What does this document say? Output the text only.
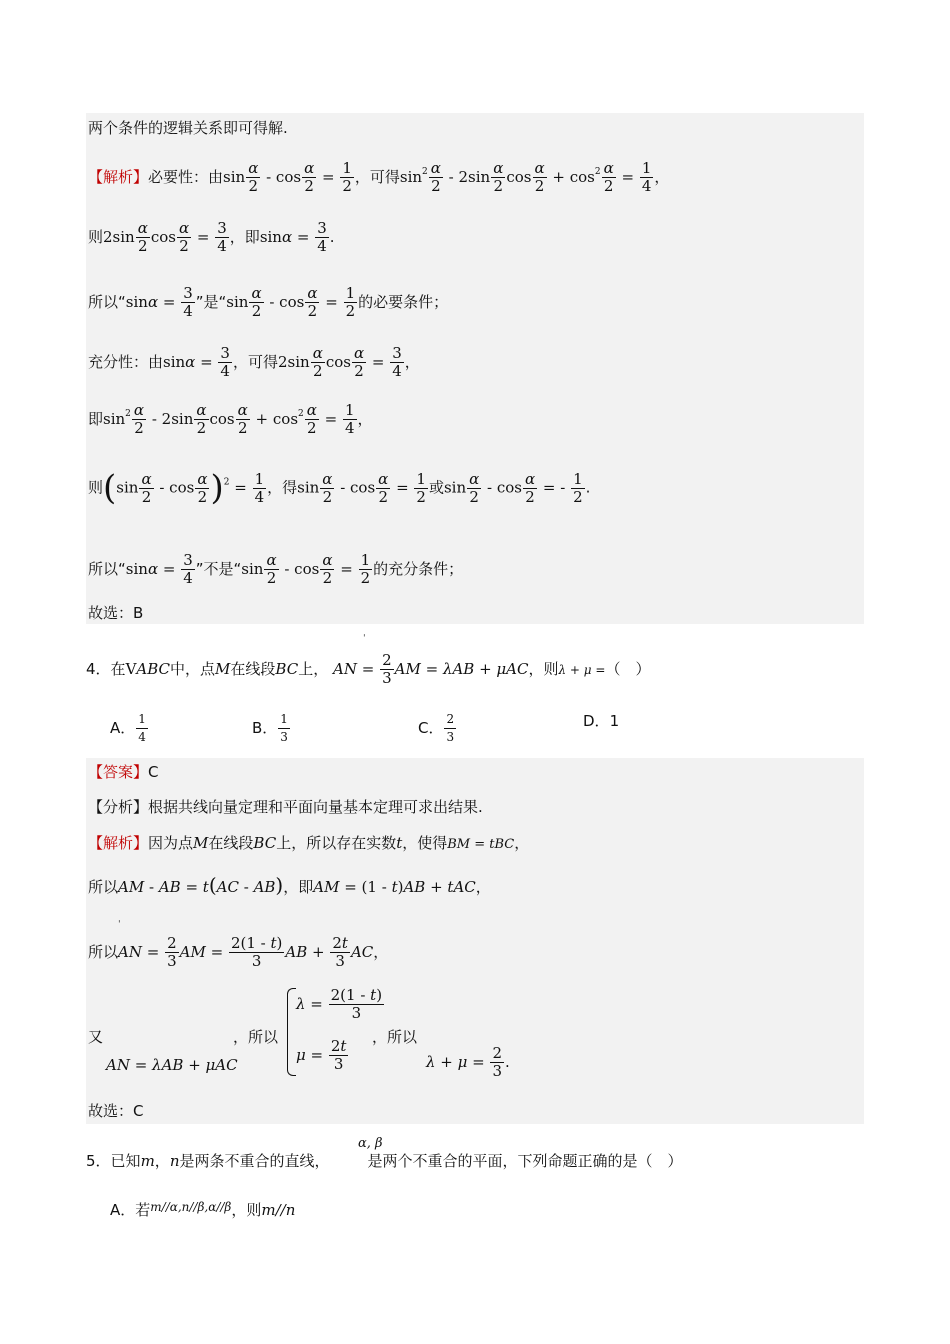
两个条件的逻辑关系即可得解.
【解析】必要性：由$\sin \frac{\alpha}{2} - \cos \frac{\alpha}{2} = \frac{1}{2}$ ，可得$\sin^2 \frac{\alpha}{2} - 2\sin \frac{\alpha}{2}$ $\cos \frac{\alpha}{2} + \cos^2 \frac{\alpha}{2} = \frac{1}{4}$ ，
则$2\sin \frac{\alpha}{2}$ $\cos \frac{\alpha}{2} = \frac{3}{4}$ ，即$\sin\alpha = \frac{3}{4}$ .
所以“$\sin\alpha = \frac{3}{4}$ ”是“$\sin \frac{\alpha}{2} - \cos \frac{\alpha}{2} = \frac{1}{2}$ 的必要条件；
充分性：由$\sin\alpha = \frac{3}{4}$ ，可得$2\sin \frac{\alpha}{2}$ $\cos \frac{\alpha}{2} = \frac{3}{4}$ ，
即$\sin^2 \frac{\alpha}{2} - 2\sin \frac{\alpha}{2}$ $\cos \frac{\alpha}{2} + \cos^2 \frac{\alpha}{2} = \frac{1}{4}$ ，
则$(\sin \frac{\alpha}{2} - \cos \frac{\alpha}{2} )^2 = \frac{1}{4}$ ，得$\sin \frac{\alpha}{2} - \cos \frac{\alpha}{2} = \frac{1}{2}$ 或$\sin \frac{\alpha}{2}$ - $\cos \frac{\alpha}{2}$ = - $\frac{1}{2}$ .
所以“$\sin\alpha = \frac{3}{4}$ ”不是“$\sin \frac{\alpha}{2} - \cos \frac{\alpha}{2} = \frac{1}{2}$ 的充分条件；
故选：B
ˈ
4．在VABC中，点M在线段BC上， AN = $\frac{2}{3}$ AM = λAB + μAC，则λ + μ =（　）
A． $\frac{1}{4}$	B． $\frac{1}{3}$	C． $\frac{2}{3}$	D．1
【答案】C
【分析】根据共线向量定理和平面向量基本定理可求出结果.
【解析】因为点M在线段BC上，所以存在实数t，使得BM = tBC，
所以AM - AB = t(AC - AB)，即AM = (1 - t)AB + tAC，
ˈ
所以AN = $\frac{2}{3}$ AM = $\frac{2(1 - t)}{3}$ AB + $\frac{2t}{3}$ AC，
又
AN = λAB + μAC
，所以
$\lambda = \frac{2(1 - t)}{3}$
$\mu = \frac{2t}{3}$
，所以
$\lambda + \mu = \frac{2}{3}$ .
故选：C
α, β
5．已知m，n是两条不重合的直线，	是两个不重合的平面，下列命题正确的是（　）
A．若$^{m//\alpha,n//\beta,\alpha//\beta}$，则m//n
